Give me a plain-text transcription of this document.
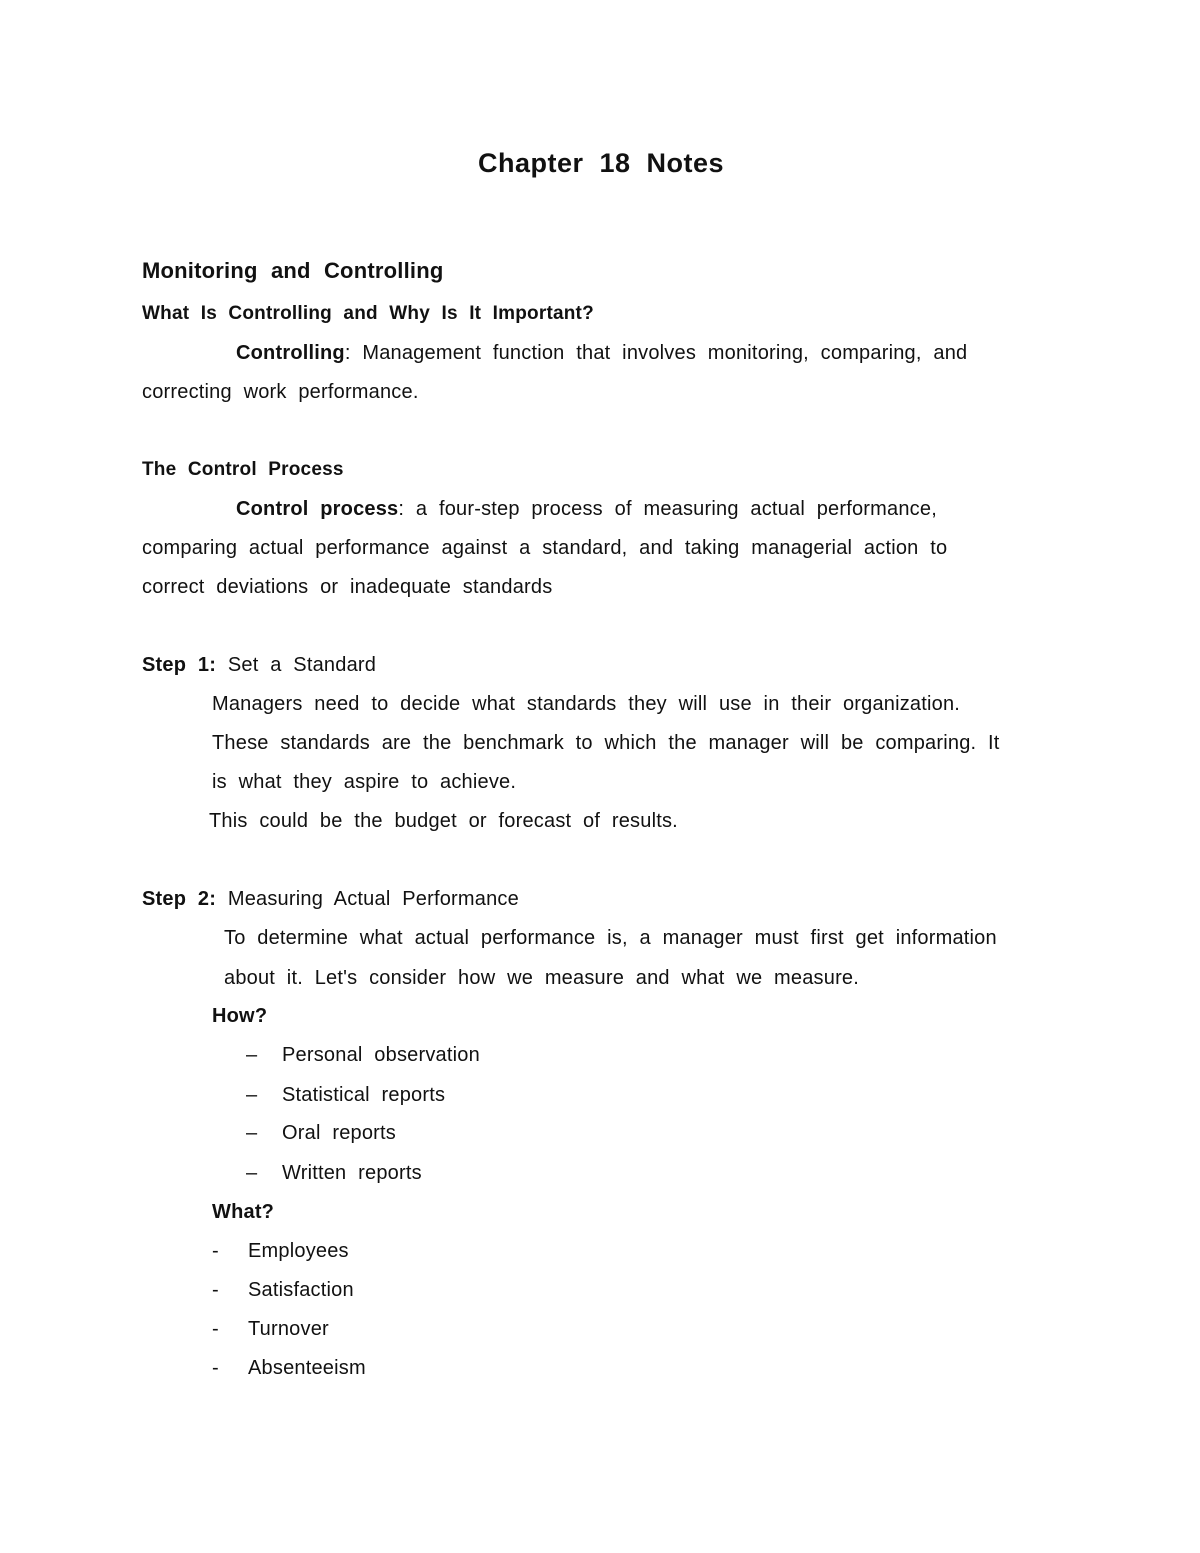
Chapter 18 Notes
Monitoring and Controlling
What Is Controlling and Why Is It Important?
Controlling: Management function that involves monitoring, comparing, and
correcting work performance.
The Control Process
Control process: a four-step process of measuring actual performance,
comparing actual performance against a standard, and taking managerial action to
correct deviations or inadequate standards
Step 1: Set a Standard
Managers need to decide what standards they will use in their organization.
These standards are the benchmark to which the manager will be comparing. It
is what they aspire to achieve.
This could be the budget or forecast of results.
Step 2: Measuring Actual Performance
To determine what actual performance is, a manager must first get information
about it. Let's consider how we measure and what we measure.
How?
– Personal observation
– Statistical reports
– Oral reports
– Written reports
What?
- Employees
- Satisfaction
- Turnover
- Absenteeism
